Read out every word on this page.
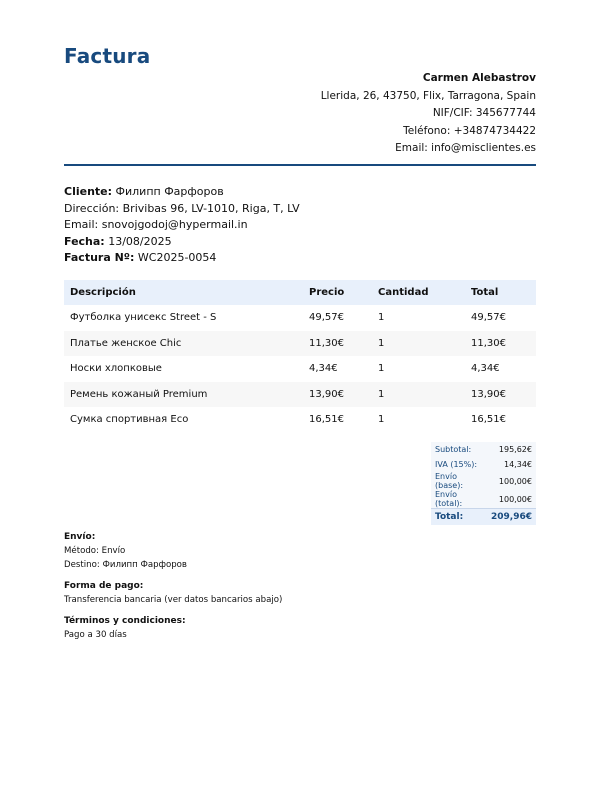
Factura
Carmen Alebastrov
Llerida, 26, 43750, Flix, Tarragona, Spain
NIF/CIF: 345677744
Teléfono: +34874734422
Email: info@misclientes.es
Cliente: Филипп Фарфоров
Dirección: Brivibas 96, LV-1010, Riga, T, LV
Email: snovojgodoj@hypermail.in
Fecha: 13/08/2025
Factura Nº: WC2025-0054
Descripción	Precio	Cantidad	Total
Футболка унисекс Street - S	49,57€	1	49,57€
Платье женское Chic	11,30€	1	11,30€
Носки хлопковые	4,34€	1	4,34€
Ремень кожаный Premium	13,90€	1	13,90€
Сумка спортивная Eco	16,51€	1	16,51€
Subtotal:	195,62€
IVA (15%):	14,34€
Envío (base):	100,00€
Envío (total):	100,00€
Total:	209,96€
Envío:
Método: Envío
Destino: Филипп Фарфоров
Forma de pago:
Transferencia bancaria (ver datos bancarios abajo)
Términos y condiciones:
Pago a 30 días
